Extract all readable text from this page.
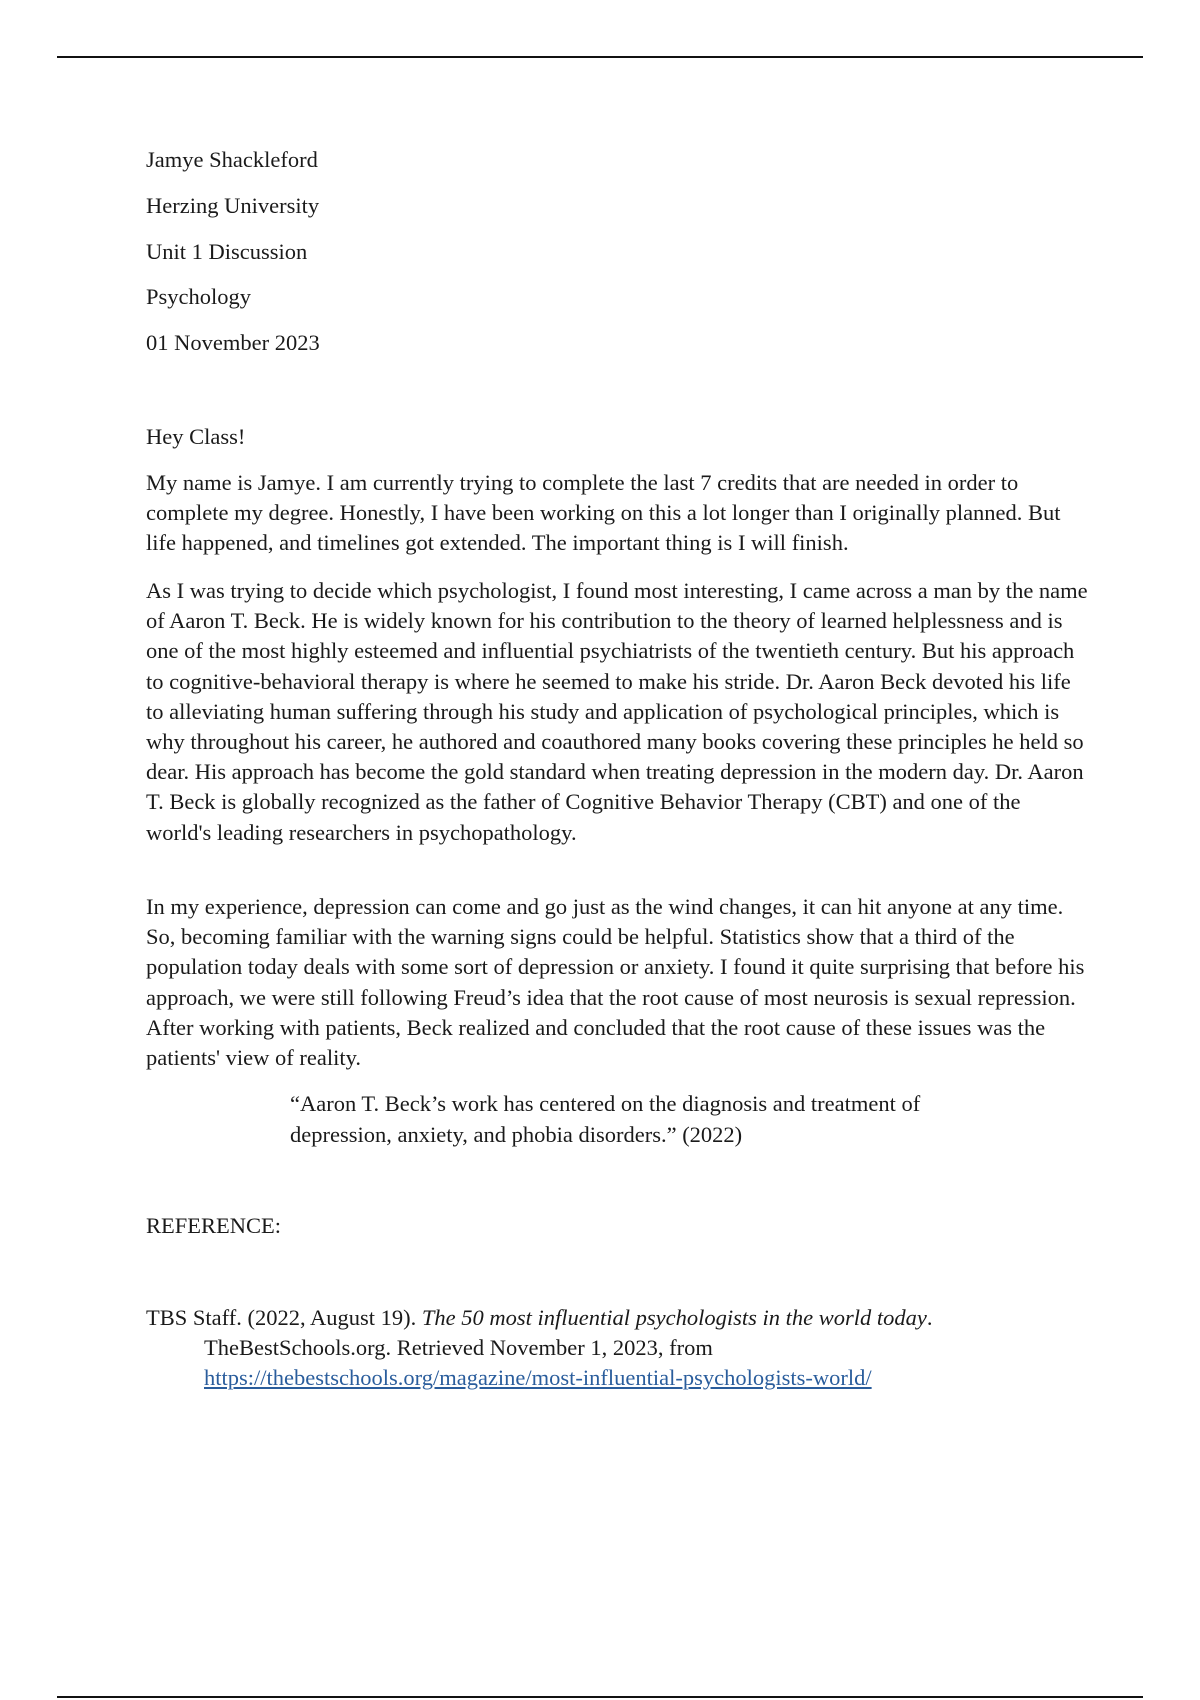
Jamye Shackleford
Herzing University
Unit 1 Discussion
Psychology
01 November 2023
Hey Class!
My name is Jamye. I am currently trying to complete the last 7 credits that are needed in order to complete my degree. Honestly, I have been working on this a lot longer than I originally planned. But life happened, and timelines got extended. The important thing is I will finish.
As I was trying to decide which psychologist, I found most interesting, I came across a man by the name of Aaron T. Beck. He is widely known for his contribution to the theory of learned helplessness and is one of the most highly esteemed and influential psychiatrists of the twentieth century. But his approach to cognitive-behavioral therapy is where he seemed to make his stride. Dr. Aaron Beck devoted his life to alleviating human suffering through his study and application of psychological principles, which is why throughout his career, he authored and coauthored many books covering these principles he held so dear. His approach has become the gold standard when treating depression in the modern day. Dr. Aaron T. Beck is globally recognized as the father of Cognitive Behavior Therapy (CBT) and one of the world's leading researchers in psychopathology.
In my experience, depression can come and go just as the wind changes, it can hit anyone at any time. So, becoming familiar with the warning signs could be helpful. Statistics show that a third of the population today deals with some sort of depression or anxiety. I found it quite surprising that before his approach, we were still following Freud’s idea that the root cause of most neurosis is sexual repression. After working with patients, Beck realized and concluded that the root cause of these issues was the patients' view of reality.
“Aaron T. Beck’s work has centered on the diagnosis and treatment of depression, anxiety, and phobia disorders.” (2022)
REFERENCE:
TBS Staff. (2022, August 19). The 50 most influential psychologists in the world today.
TheBestSchools.org. Retrieved November 1, 2023, from
https://thebestschools.org/magazine/most-influential-psychologists-world/
